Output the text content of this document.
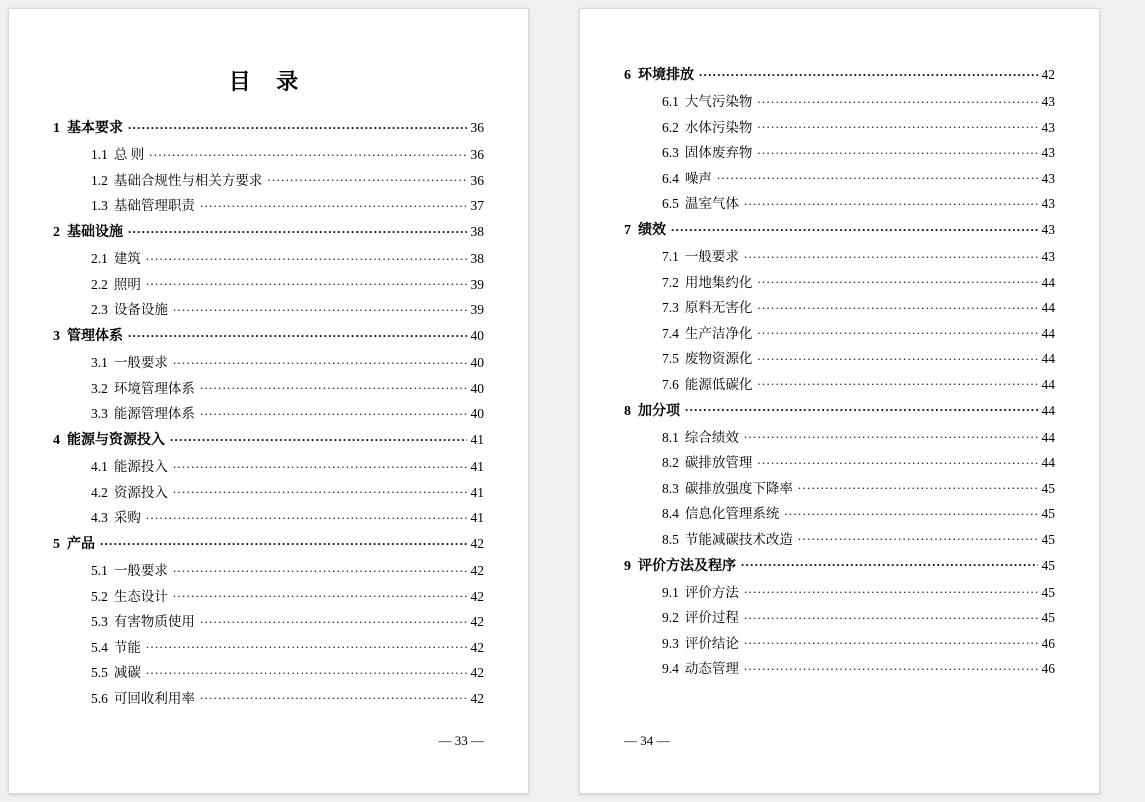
目 录
1 基本要求 .....	36
1.1 总 则 .....	36
1.2 基础合规性与相关方要求 .....	36
1.3 基础管理职责 .....	37
2 基础设施 .....	38
2.1 建筑 .....	38
2.2 照明 .....	39
2.3 设备设施 .....	39
3 管理体系 .....	40
3.1 一般要求 .....	40
3.2 环境管理体系 .....	40
3.3 能源管理体系 .....	40
4 能源与资源投入 .....	41
4.1 能源投入 .....	41
4.2 资源投入 .....	41
4.3 采购 .....	41
5 产品 .....	42
5.1 一般要求 .....	42
5.2 生态设计 .....	42
5.3 有害物质使用 .....	42
5.4 节能 .....	42
5.5 减碳 .....	42
5.6 可回收利用率 .....	42
— 33 —
6 环境排放 .....	42
6.1 大气污染物 .....	43
6.2 水体污染物 .....	43
6.3 固体废弃物 .....	43
6.4 噪声 .....	43
6.5 温室气体 .....	43
7 绩效 .....	43
7.1 一般要求 .....	43
7.2 用地集约化 .....	44
7.3 原料无害化 .....	44
7.4 生产洁净化 .....	44
7.5 废物资源化 .....	44
7.6 能源低碳化 .....	44
8 加分项 .....	44
8.1 综合绩效 .....	44
8.2 碳排放管理 .....	44
8.3 碳排放强度下降率 .....	45
8.4 信息化管理系统 .....	45
8.5 节能减碳技术改造 .....	45
9 评价方法及程序 .....	45
9.1 评价方法 .....	45
9.2 评价过程 .....	45
9.3 评价结论 .....	46
9.4 动态管理 .....	46
— 34 —
